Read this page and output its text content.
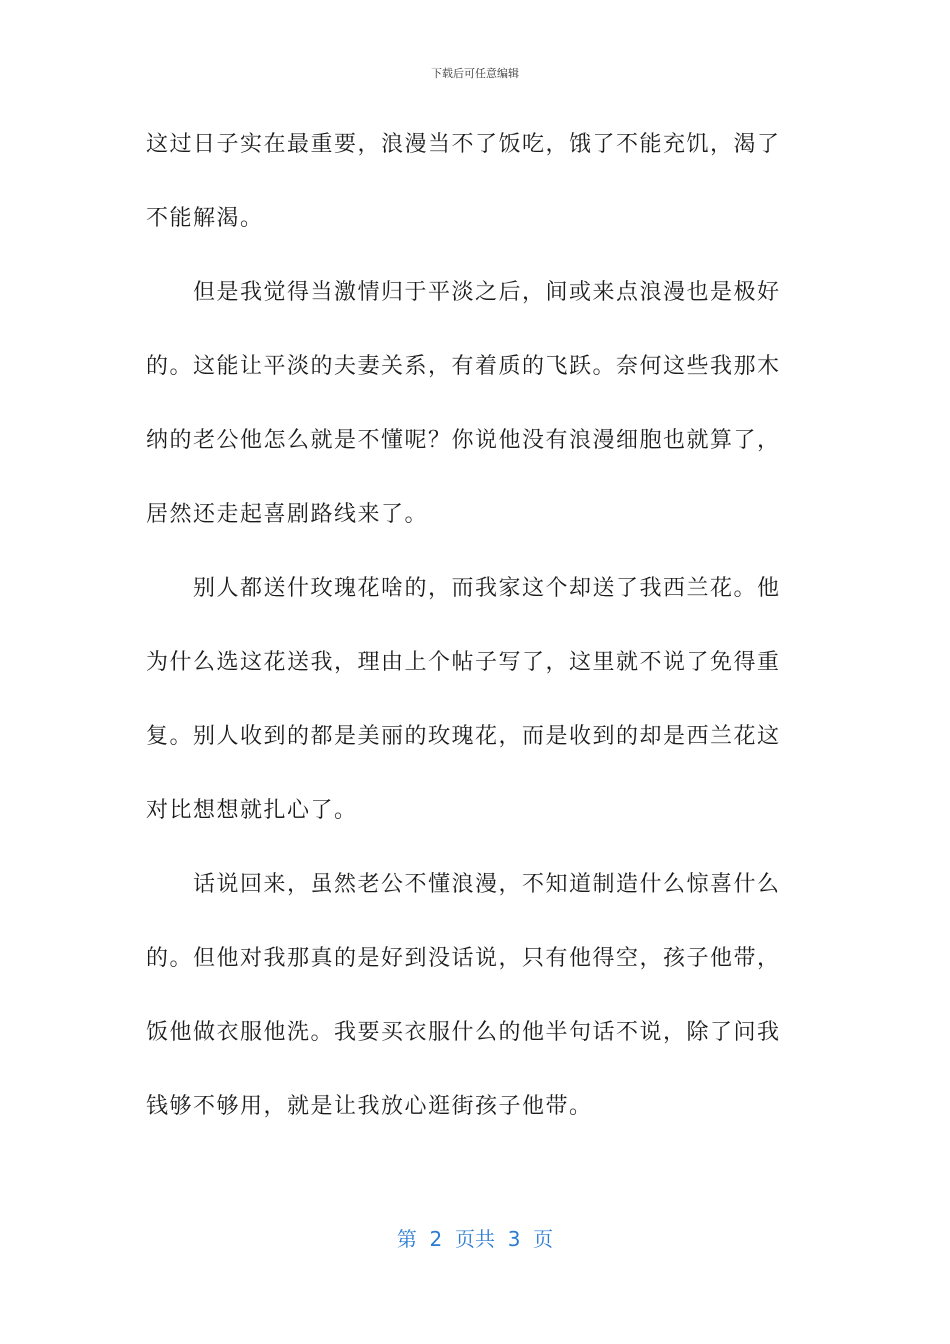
下载后可任意编辑
这过日子实在最重要，浪漫当不了饭吃，饿了不能充饥，渴了
不能解渴。
但是我觉得当激情归于平淡之后，间或来点浪漫也是极好
的。这能让平淡的夫妻关系，有着质的飞跃。奈何这些我那木
纳的老公他怎么就是不懂呢？你说他没有浪漫细胞也就算了，
居然还走起喜剧路线来了。
别人都送什玫瑰花啥的，而我家这个却送了我西兰花。他
为什么选这花送我，理由上个帖子写了，这里就不说了免得重
复。别人收到的都是美丽的玫瑰花，而是收到的却是西兰花这
对比想想就扎心了。
话说回来，虽然老公不懂浪漫，不知道制造什么惊喜什么
的。但他对我那真的是好到没话说，只有他得空，孩子他带，
饭他做衣服他洗。我要买衣服什么的他半句话不说，除了问我
钱够不够用，就是让我放心逛街孩子他带。
第  2  页共  3  页
